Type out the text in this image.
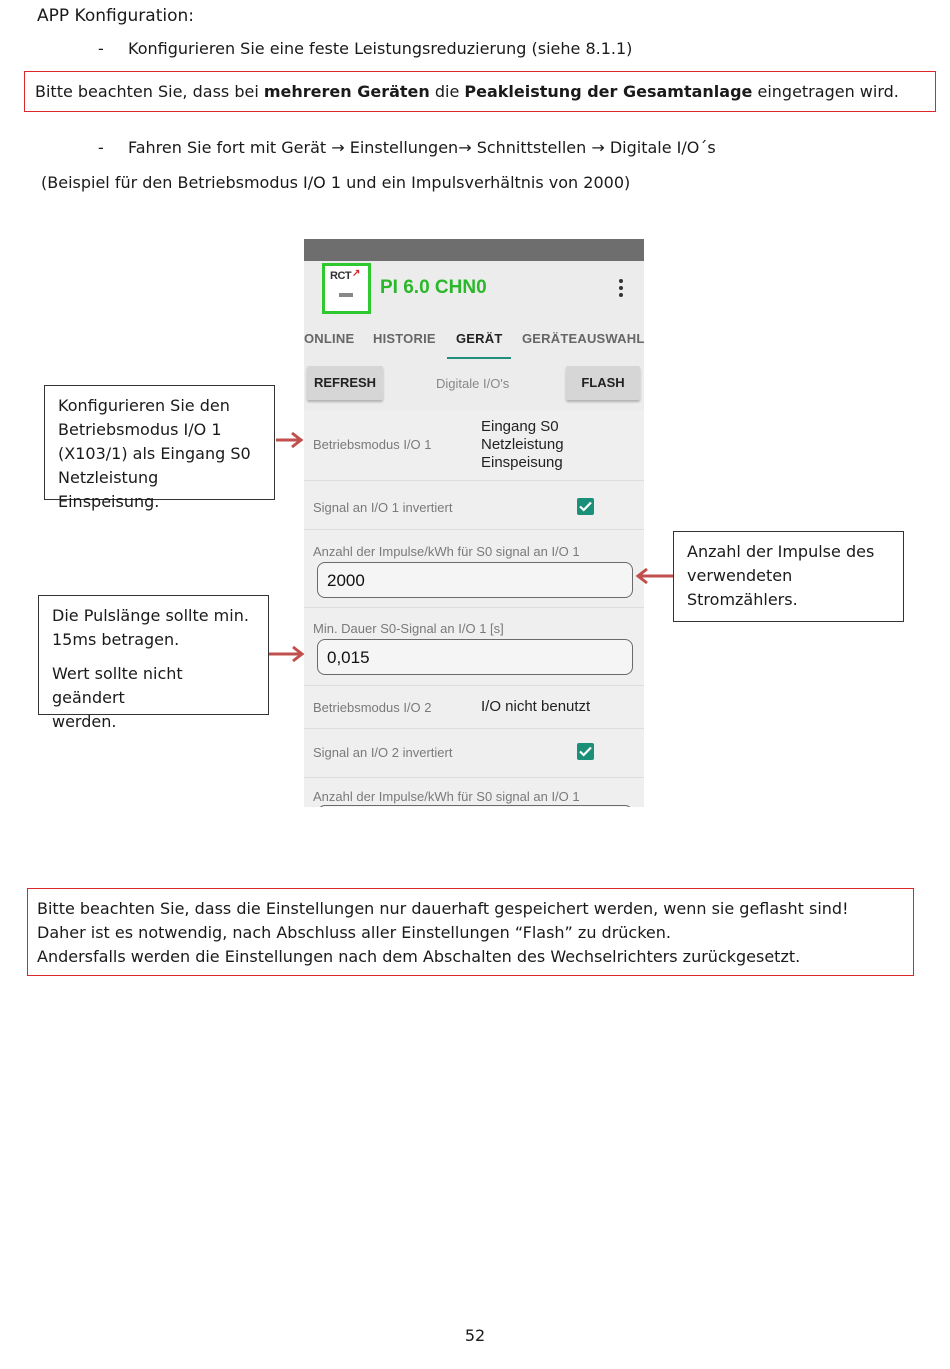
APP Konfiguration:
- Konfigurieren Sie eine feste Leistungsreduzierung (siehe 8.1.1)
Bitte beachten Sie, dass bei mehreren Geräten die Peakleistung der Gesamtanlage eingetragen wird.
- Fahren Sie fort mit Gerät → Einstellungen→ Schnittstellen → Digitale I/O´s
(Beispiel für den Betriebsmodus I/O 1 und ein Impulsverhältnis von 2000)
RCT ↗
PI 6.0 CHN0
ONLINE HISTORIE GERÄT GERÄTEAUSWAHL
REFRESH	Digitale I/O's	FLASH
Betriebsmodus I/O 1
Eingang S0
Netzleistung
Einspeisung
Signal an I/O 1 invertiert
Anzahl der Impulse/kWh für S0 signal an I/O 1
2000
Min. Dauer S0-Signal an I/O 1 [s]
0,015
Betriebsmodus I/O 2	I/O nicht benutzt
Signal an I/O 2 invertiert
Anzahl der Impulse/kWh für S0 signal an I/O 1

Konfigurieren Sie den

Betriebsmodus I/O 1

(X103/1) als Eingang S0

Netzleistung Einspeisung.

Anzahl der Impulse des

verwendeten

Stromzählers.

Die Pulslänge sollte min.

15ms betragen.

Wert sollte nicht geändert

werden.

Bitte beachten Sie, dass die Einstellungen nur dauerhaft gespeichert werden, wenn sie geflasht sind!
Daher ist es notwendig, nach Abschluss aller Einstellungen “Flash” zu drücken.
Andersfalls werden die Einstellungen nach dem Abschalten des Wechselrichters zurückgesetzt.
52
